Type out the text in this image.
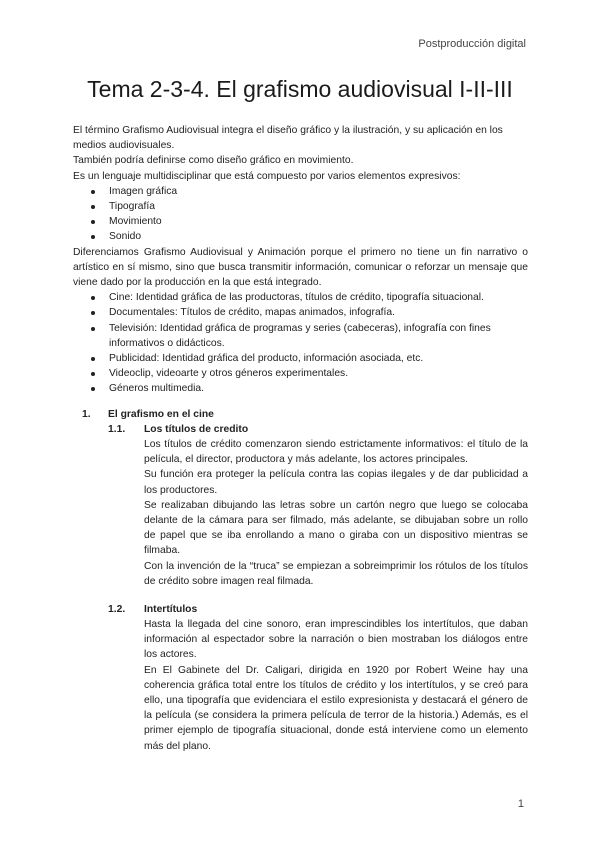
Postproducción digital
Tema 2-3-4. El grafismo audiovisual I-II-III

El término Grafismo Audiovisual integra el diseño gráfico y la ilustración, y su aplicación en los medios audiovisuales.

También podría definirse como diseño gráfico en movimiento.

Es un lenguaje multidisciplinar que está compuesto por varios elementos expresivos:

Imagen gráfica
Tipografía
Movimiento
Sonido

Diferenciamos Grafismo Audiovisual y Animación porque el primero no tiene un fin narrativo o artístico en sí mismo, sino que busca transmitir información, comunicar o reforzar un mensaje que viene dado por la producción en la que está integrado.

Cine: Identidad gráfica de las productoras, títulos de crédito, tipografía situacional.
Documentales: Títulos de crédito, mapas animados, infografía.
Televisión: Identidad gráfica de programas y series (cabeceras), infografía con fines informativos o didácticos.
Publicidad: Identidad gráfica del producto, información asociada, etc.
Videoclip, videoarte y otros géneros experimentales.
Géneros multimedia.
1. El grafismo en el cine
1.1. Los títulos de credito

Los títulos de crédito comenzaron siendo estrictamente informativos: el título de la película, el director, productora y más adelante, los actores principales.

Su función era proteger la película contra las copias ilegales y de dar publicidad a los productores.

Se realizaban dibujando las letras sobre un cartón negro que luego se colocaba delante de la cámara para ser filmado, más adelante, se dibujaban sobre un rollo de papel que se iba enrollando a mano o giraba con un dispositivo mientras se filmaba.

Con la invención de la “truca” se empiezan a sobreimprimir los rótulos de los títulos de crédito sobre imagen real filmada.

1.2. Intertítulos

Hasta la llegada del cine sonoro, eran imprescindibles los intertítulos, que daban información al espectador sobre la narración o bien mostraban los diálogos entre los actores.

En El Gabinete del Dr. Caligari, dirigida en 1920 por Robert Weine hay una coherencia gráfica total entre los títulos de crédito y los intertítulos, y se creó para ello, una tipografía que evidenciara el estilo expresionista y destacará el género de la película (se considera la primera película de terror de la historia.) Además, es el primer ejemplo de tipografía situacional, donde está interviene como un elemento más del plano.

1
